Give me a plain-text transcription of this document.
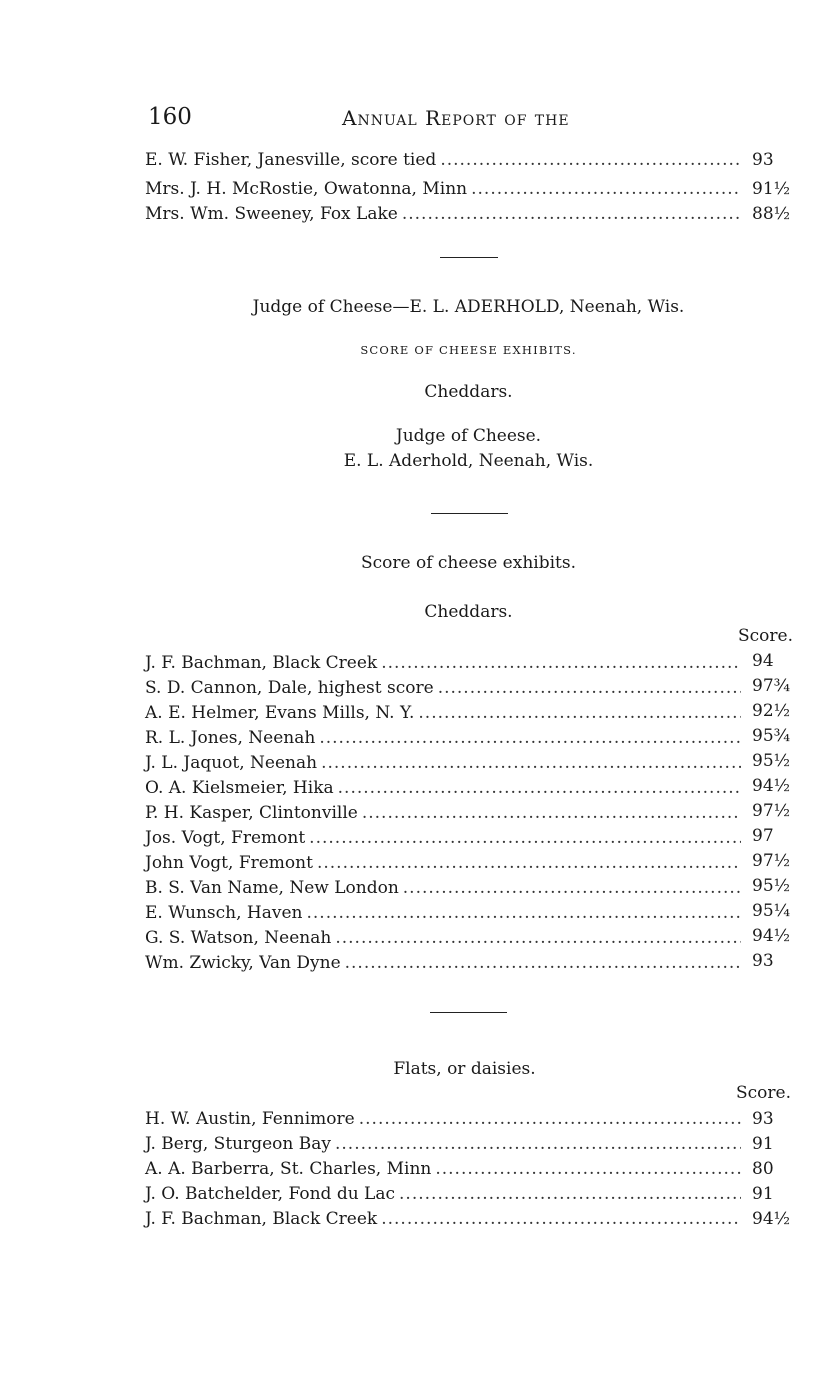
160	Annual Report of the
E. W. Fisher, Janesville, score tied .....	93
Mrs. J. H. McRostie, Owatonna, Minn .....	91½
Mrs. Wm. Sweeney, Fox Lake .....	88½
Judge of Cheese—E. L. ADERHOLD, Neenah, Wis.
SCORE OF CHEESE EXHIBITS.
Cheddars.
Judge of Cheese.
E. L. Aderhold, Neenah, Wis.
Score of cheese exhibits.
Cheddars.
Score.
J. F. Bachman, Black Creek .....	94
S. D. Cannon, Dale, highest score .....	97¾
A. E. Helmer, Evans Mills, N. Y. .....	92½
R. L. Jones, Neenah .....	95¾
J. L. Jaquot, Neenah .....	95½
O. A. Kielsmeier, Hika .....	94½
P. H. Kasper, Clintonville .....	97½
Jos. Vogt, Fremont .....	97
John Vogt, Fremont .....	97½
B. S. Van Name, New London .....	95½
E. Wunsch, Haven .....	95¼
G. S. Watson, Neenah .....	94½
Wm. Zwicky, Van Dyne .....	93
Flats, or daisies.
Score.
H. W. Austin, Fennimore .....	93
J. Berg, Sturgeon Bay .....	91
A. A. Barberra, St. Charles, Minn .....	80
J. O. Batchelder, Fond du Lac .....	91
J. F. Bachman, Black Creek .....	94½
